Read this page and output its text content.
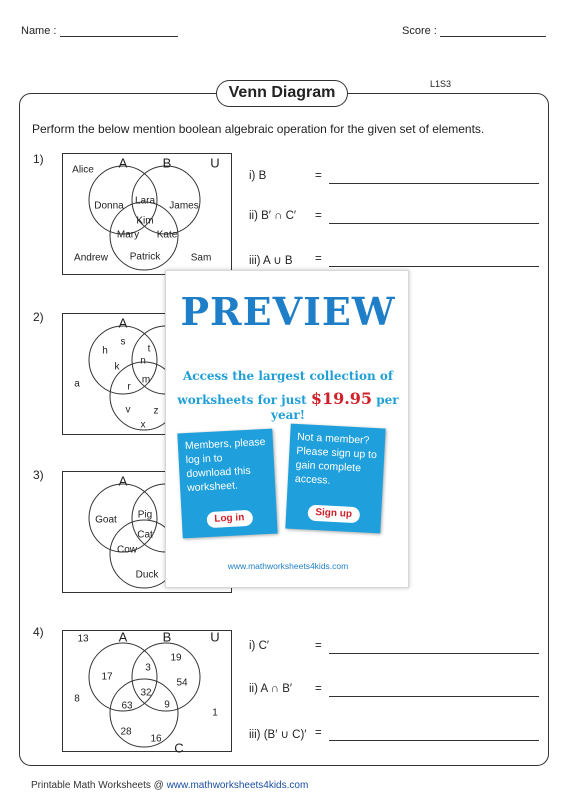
Name :	Score :
Venn Diagram	L1S3
Perform the below mention boolean algebraic operation for the given set of elements.
1)	A	B	U
Alice
Donna Lara James
Kim
Mary Kate
Andrew Patrick	Sam
i) B	=
ii) B′ ∩ C′ =
iii) A ∪ B =
2)	A
h
s
t
n
k
r
m
a
v z
x
3)	A
Goat Pig
Cat
Cow
Duck
4)	A	B	U
C
13
19
3
17
54
32
8
63	9
1
28
16
i) C′	=
ii) A ∩ B′ =
iii) (B′ ∪ C)′ =
PREVIEW
Access the largest collection of
worksheets for just $19.95 per year!
Members, please log in to download this worksheet.
Log in
Not a member? Please sign up to gain complete access.
Sign up
www.mathworksheets4kids.com
Printable Math Worksheets @ www.mathworksheets4kids.com
